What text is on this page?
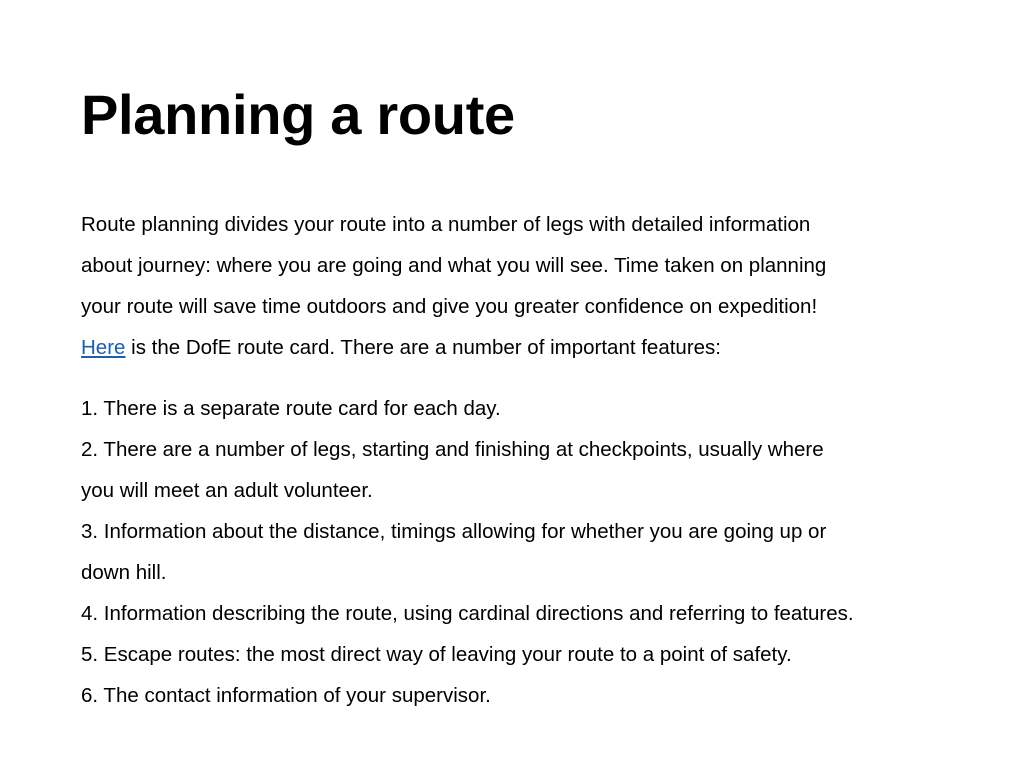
Planning a route
Route planning divides your route into a number of legs with detailed information
about journey: where you are going and what you will see. Time taken on planning
your route will save time outdoors and give you greater confidence on expedition!
Here is the DofE route card. There are a number of important features:
1. There is a separate route card for each day.
2. There are a number of legs, starting and finishing at checkpoints, usually where
you will meet an adult volunteer.
3. Information about the distance, timings allowing for whether you are going up or
down hill.
4. Information describing the route, using cardinal directions and referring to features.
5. Escape routes: the most direct way of leaving your route to a point of safety.
6. The contact information of your supervisor.
